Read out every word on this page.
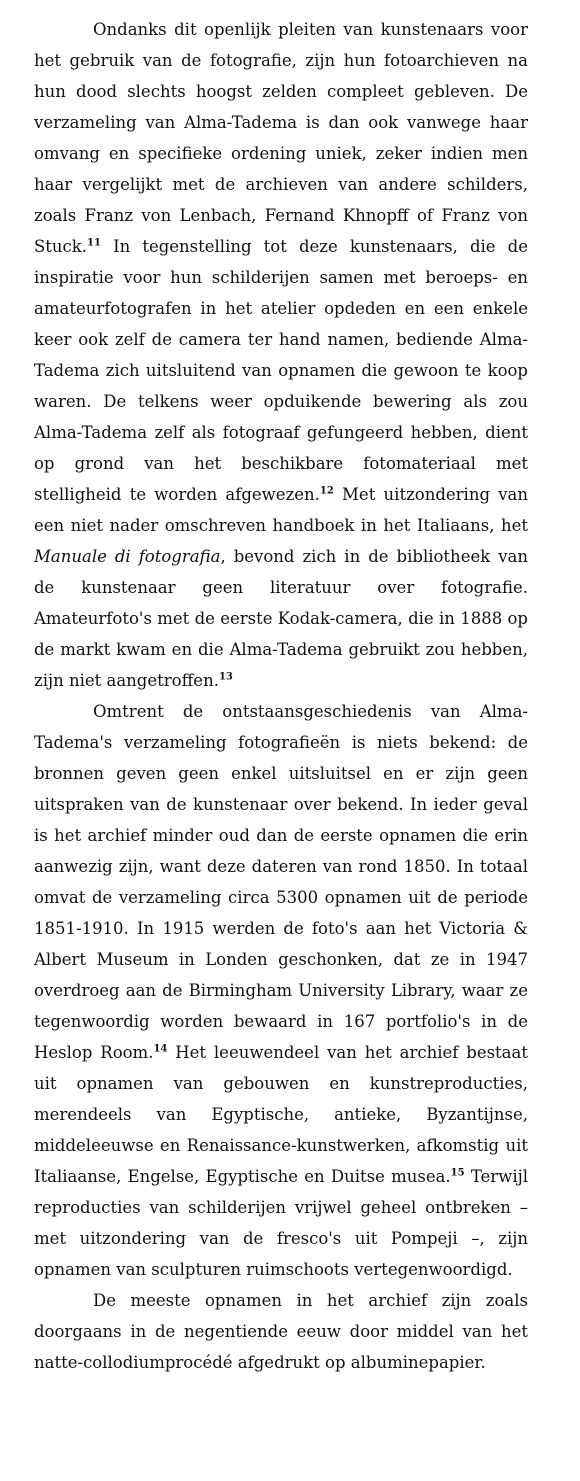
Ondanks dit openlijk pleiten van kunstenaars voor het gebruik van de fotografie, zijn hun fotoarchieven na hun dood slechts hoogst zelden compleet gebleven. De verzameling van Alma-Tadema is dan ook vanwege haar omvang en specifieke ordening uniek, zeker indien men haar vergelijkt met de archieven van andere schilders, zoals Franz von Lenbach, Fernand Khnopff of Franz von Stuck.$^{11}$ In tegenstelling tot deze kunstenaars, die de inspiratie voor hun schilderijen samen met beroeps- en amateurfotografen in het atelier opdeden en een enkele keer ook zelf de camera ter hand namen, bediende Alma-Tadema zich uitsluitend van opnamen die gewoon te koop waren. De telkens weer opduikende bewering als zou Alma-Tadema zelf als fotograaf gefungeerd hebben, dient op grond van het beschikbare fotomateriaal met stelligheid te worden afgewezen.$^{12}$ Met uitzondering van een niet nader omschreven handboek in het Italiaans, het Manuale di fotografia, bevond zich in de bibliotheek van de kunstenaar geen literatuur over fotografie. Amateurfoto's met de eerste Kodak-camera, die in 1888 op de markt kwam en die Alma-Tadema gebruikt zou hebben, zijn niet aangetroffen.$^{13}$

Omtrent de ontstaansgeschiedenis van Alma-Tadema's verzameling fotografieën is niets bekend: de bronnen geven geen enkel uitsluitsel en er zijn geen uitspraken van de kunstenaar over bekend. In ieder geval is het archief minder oud dan de eerste opnamen die erin aanwezig zijn, want deze dateren van rond 1850. In totaal omvat de verzameling circa 5300 opnamen uit de periode 1851-1910. In 1915 werden de foto's aan het Victoria & Albert Museum in Londen geschonken, dat ze in 1947 overdroeg aan de Birmingham University Library, waar ze tegenwoordig worden bewaard in 167 portfolio's in de Heslop Room.$^{14}$ Het leeuwendeel van het archief bestaat uit opnamen van gebouwen en kunstreproducties, merendeels van Egyptische, antieke, Byzantijnse, middeleeuwse en Renaissance-kunstwerken, afkomstig uit Italiaanse, Engelse, Egyptische en Duitse musea.$^{15}$ Terwijl reproducties van schilderijen vrijwel geheel ontbreken – met uitzondering van de fresco's uit Pompeji –, zijn opnamen van sculpturen ruimschoots vertegenwoordigd.

De meeste opnamen in het archief zijn zoals doorgaans in de negentiende eeuw door middel van het natte-collodiumprocédé afgedrukt op albuminepapier.
